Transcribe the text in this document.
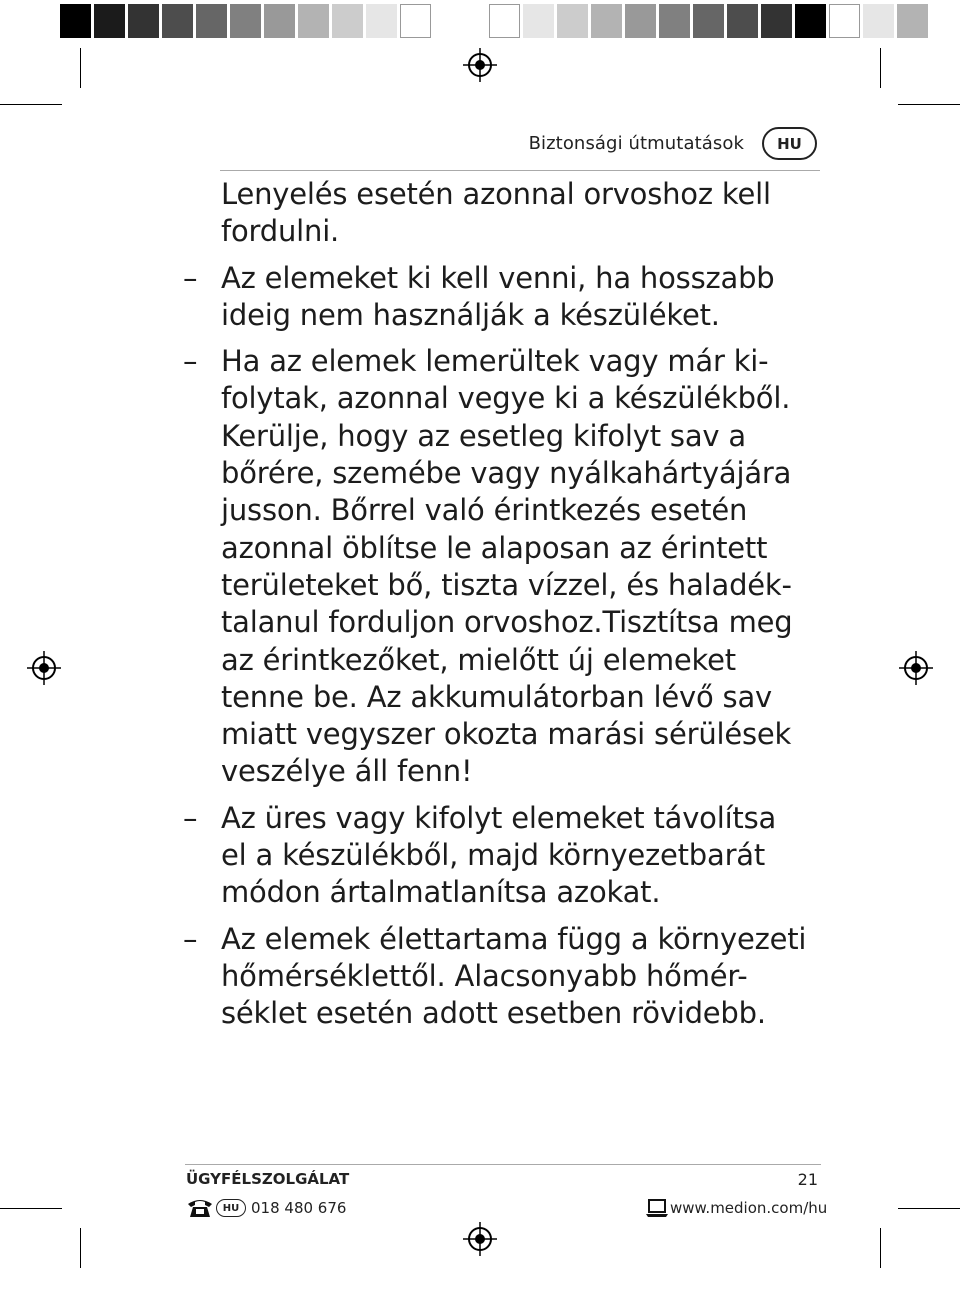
Biztonsági útmutatások	HU

Lenyelés esetén azonnal orvoshoz kell
fordulni.

– Az elemeket ki kell venni, ha hosszabb
ideig nem használják a készüléket.
– Ha az elemek lemerültek vagy már ki-
folytak, azonnal vegye ki a készülékből.
Kerülje, hogy az esetleg kifolyt sav a
bőrére, szemébe vagy nyálkahártyájára
jusson. Bőrrel való érintkezés esetén
azonnal öblítse le alaposan az érintett
területeket bő, tiszta vízzel, és haladék-
talanul forduljon orvoshoz.Tisztítsa meg
az érintkezőket, mielőtt új elemeket
tenne be. Az akkumulátorban lévő sav
miatt vegyszer okozta marási sérülések
veszélye áll fenn!
– Az üres vagy kifolyt elemeket távolítsa
el a készülékből, majd környezetbarát
módon ártalmatlanítsa azokat.
– Az elemek élettartama függ a környezeti
hőmérséklettől. Alacsonyabb hőmér-
séklet esetén adott esetben rövidebb.
ÜGYFÉLSZOLGÁLAT	21
HU 018 480 676	www.medion.com/hu
